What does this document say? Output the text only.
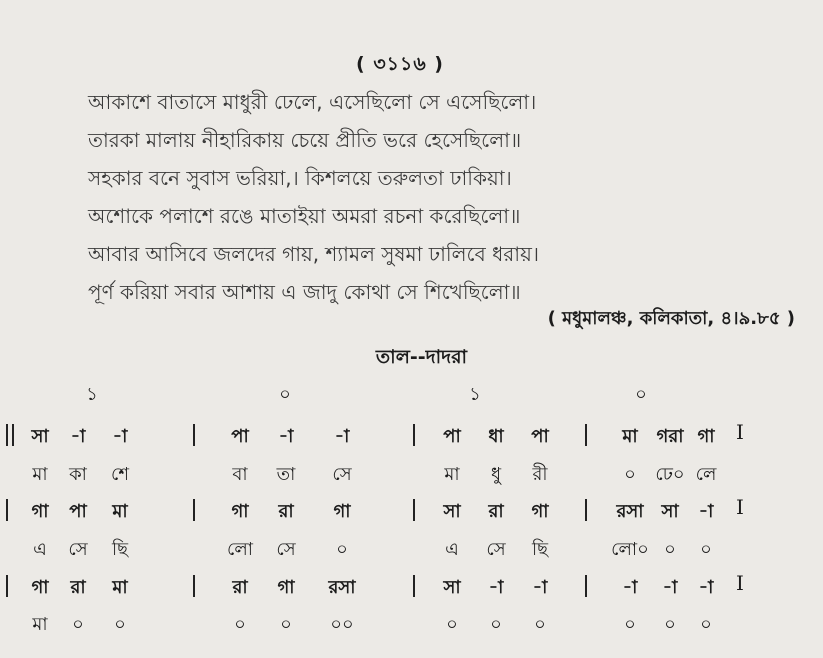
( ৩১১৬ )
আকাশে বাতাসে মাধুরী ঢেলে, এসেছিলো সে এসেছিলো।
তারকা মালায় নীহারিকায় চেয়ে প্রীতি ভরে হেসেছিলো॥
সহকার বনে সুবাস ভরিয়া,। কিশলয়ে তরুলতা ঢাকিয়া।
অশোকে পলাশে রঙে মাতাইয়া অমরা রচনা করেছিলো॥
আবার আসিবে জলদের গায়, শ্যামল সুষমা ঢালিবে ধরায়।
পূর্ণ করিয়া সবার আশায় এ জাদু কোথা সে শিখেছিলো॥
( মধুমালঞ্চ, কলিকাতা, ৪।৯.৮৫ )
তাল--দাদরা
১	০	১	০
সা -া -া	পা -া -া	পা ধা পা	মা গরা গা I
মা কা শে	বা তা সে	মা ধু রী	০ ঢে০ লে
গা পা মা	গা রা গা	সা রা গা	রসা সা -া I
এ সে ছি	লো সে ০	এ সে ছি	লো০ ০ ০
গা রা মা	রা গা রসা	সা -া -া	-া -া -া I
মা ০ ০	০ ০ ০০	০ ০ ০	০ ০ ০
